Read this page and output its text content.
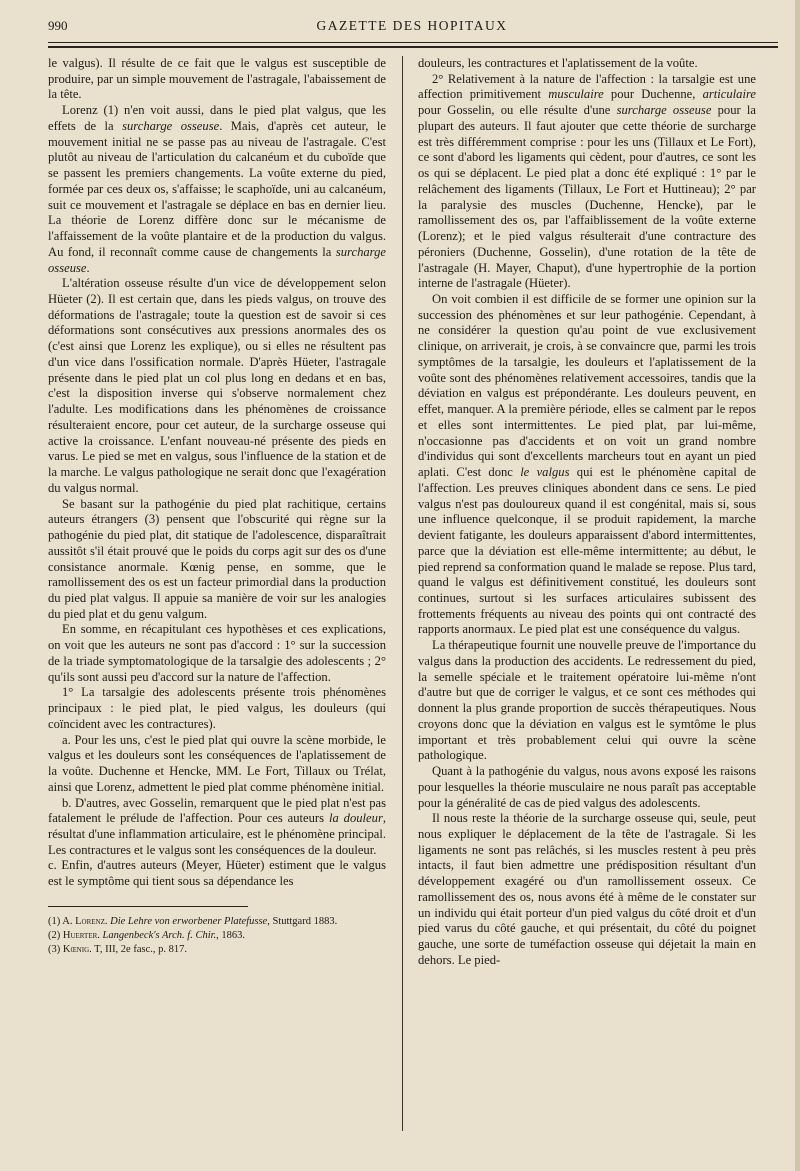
990	GAZETTE DES HOPITAUX

le valgus). Il résulte de ce fait que le valgus est susceptible de produire, par un simple mouvement de l'astragale, l'abaissement de la tête.

Lorenz (1) n'en voit aussi, dans le pied plat valgus, que les effets de la surcharge osseuse. Mais, d'après cet auteur, le mouvement initial ne se passe pas au niveau de l'astragale. C'est plutôt au niveau de l'articulation du calcanéum et du cuboïde que se passent les premiers changements. La voûte externe du pied, formée par ces deux os, s'affaisse; le scaphoïde, uni au calcanéum, suit ce mouvement et l'astragale se déplace en bas en dernier lieu. La théorie de Lorenz diffère donc sur le mécanisme de l'affaissement de la voûte plantaire et de la production du valgus. Au fond, il reconnaît comme cause de changements la surcharge osseuse.

L'altération osseuse résulte d'un vice de développement selon Hüeter (2). Il est certain que, dans les pieds valgus, on trouve des déformations de l'astragale; toute la question est de savoir si ces déformations sont consécutives aux pressions anormales des os (c'est ainsi que Lorenz les explique), ou si elles ne résultent pas d'un vice dans l'ossification normale. D'après Hüeter, l'astragale présente dans le pied plat un col plus long en dedans et en bas, c'est la disposition inverse qui s'observe normalement chez l'adulte. Les modifications dans les phénomènes de croissance résulteraient encore, pour cet auteur, de la surcharge osseuse qui active la croissance. L'enfant nouveau-né présente des pieds en varus. Le pied se met en valgus, sous l'influence de la station et de la marche. Le valgus pathologique ne serait donc que l'exagération du valgus normal.

Se basant sur la pathogénie du pied plat rachitique, certains auteurs étrangers (3) pensent que l'obscurité qui règne sur la pathogénie du pied plat, dit statique de l'adolescence, disparaîtrait aussitôt s'il était prouvé que le poids du corps agit sur des os d'une consistance anormale. Kœnig pense, en somme, que le ramollissement des os est un facteur primordial dans la production du pied plat valgus. Il appuie sa manière de voir sur les analogies du pied plat et du genu valgum.

En somme, en récapitulant ces hypothèses et ces explications, on voit que les auteurs ne sont pas d'accord : 1° sur la succession de la triade symptomatologique de la tarsalgie des adolescents ; 2° qu'ils sont aussi peu d'accord sur la nature de l'affection.

1° La tarsalgie des adolescents présente trois phénomènes principaux : le pied plat, le pied valgus, les douleurs (qui coïncident avec les contractures).

a. Pour les uns, c'est le pied plat qui ouvre la scène morbide, le valgus et les douleurs sont les conséquences de l'aplatissement de la voûte. Duchenne et Hencke, MM. Le Fort, Tillaux ou Trélat, ainsi que Lorenz, admettent le pied plat comme phénomène initial.

b. D'autres, avec Gosselin, remarquent que le pied plat n'est pas fatalement le prélude de l'affection. Pour ces auteurs la douleur, résultat d'une inflammation articulaire, est le phénomène principal. Les contractures et le valgus sont les conséquences de la douleur.

c. Enfin, d'autres auteurs (Meyer, Hüeter) estiment que le valgus est le symptôme qui tient sous sa dépendance les

(1) A. Lorenz. Die Lehre von erworbener Platefusse, Stuttgard 1883.

(2) Huerter. Langenbeck's Arch. f. Chir., 1863.

(3) Kœnig. T, III, 2e fasc., p. 817.

douleurs, les contractures et l'aplatissement de la voûte.

2° Relativement à la nature de l'affection : la tarsalgie est une affection primitivement musculaire pour Duchenne, articulaire pour Gosselin, ou elle résulte d'une surcharge osseuse pour la plupart des auteurs. Il faut ajouter que cette théorie de surcharge est très différemment comprise : pour les uns (Tillaux et Le Fort), ce sont d'abord les ligaments qui cèdent, pour d'autres, ce sont les os qui se déplacent. Le pied plat a donc été expliqué : 1° par le relâchement des ligaments (Tillaux, Le Fort et Huttineau); 2° par la paralysie des muscles (Duchenne, Hencke), par le ramollissement des os, par l'affaiblissement de la voûte externe (Lorenz); et le pied valgus résulterait d'une contracture des péroniers (Duchenne, Gosselin), d'une rotation de la tête de l'astragale (H. Mayer, Chaput), d'une hypertrophie de la portion interne de l'astragale (Hüeter).

On voit combien il est difficile de se former une opinion sur la succession des phénomènes et sur leur pathogénie. Cependant, à ne considérer la question qu'au point de vue exclusivement clinique, on arriverait, je crois, à se convaincre que, parmi les trois symptômes de la tarsalgie, les douleurs et l'aplatissement de la voûte sont des phénomènes relativement accessoires, tandis que la déviation en valgus est prépondérante. Les douleurs peuvent, en effet, manquer. A la première période, elles se calment par le repos et elles sont intermittentes. Le pied plat, par lui-même, n'occasionne pas d'accidents et on voit un grand nombre d'individus qui sont d'excellents marcheurs tout en ayant un pied aplati. C'est donc le valgus qui est le phénomène capital de l'affection. Les preuves cliniques abondent dans ce sens. Le pied valgus n'est pas douloureux quand il est congénital, mais si, sous une influence quelconque, il se produit rapidement, la marche devient fatigante, les douleurs apparaissent d'abord intermittentes, parce que la déviation est elle-même intermittente; au début, le pied reprend sa conformation quand le malade se repose. Plus tard, quand le valgus est définitivement constitué, les douleurs sont continues, surtout si les surfaces articulaires subissent des frottements fréquents au niveau des points qui ont contracté des rapports anormaux. Le pied plat est une conséquence du valgus.

La thérapeutique fournit une nouvelle preuve de l'importance du valgus dans la production des accidents. Le redressement du pied, la semelle spéciale et le traitement opératoire lui-même n'ont d'autre but que de corriger le valgus, et ce sont ces méthodes qui donnent la plus grande proportion de succès thérapeutiques. Nous croyons donc que la déviation en valgus est le symtôme le plus important et très probablement celui qui ouvre la scène pathologique.

Quant à la pathogénie du valgus, nous avons exposé les raisons pour lesquelles la théorie musculaire ne nous paraît pas acceptable pour la généralité de cas de pied valgus des adolescents.

Il nous reste la théorie de la surcharge osseuse qui, seule, peut nous expliquer le déplacement de la tête de l'astragale. Si les ligaments ne sont pas relâchés, si les muscles restent à peu près intacts, il faut bien admettre une prédisposition résultant d'un développement exagéré ou d'un ramollissement osseux. Ce ramollissement des os, nous avons été à même de le constater sur un individu qui était porteur d'un pied valgus du côté droit et d'un pied varus du côté gauche, et qui présentait, du côté du poignet gauche, une sorte de tuméfaction osseuse qui déjetait la main en dehors. Le pied-
